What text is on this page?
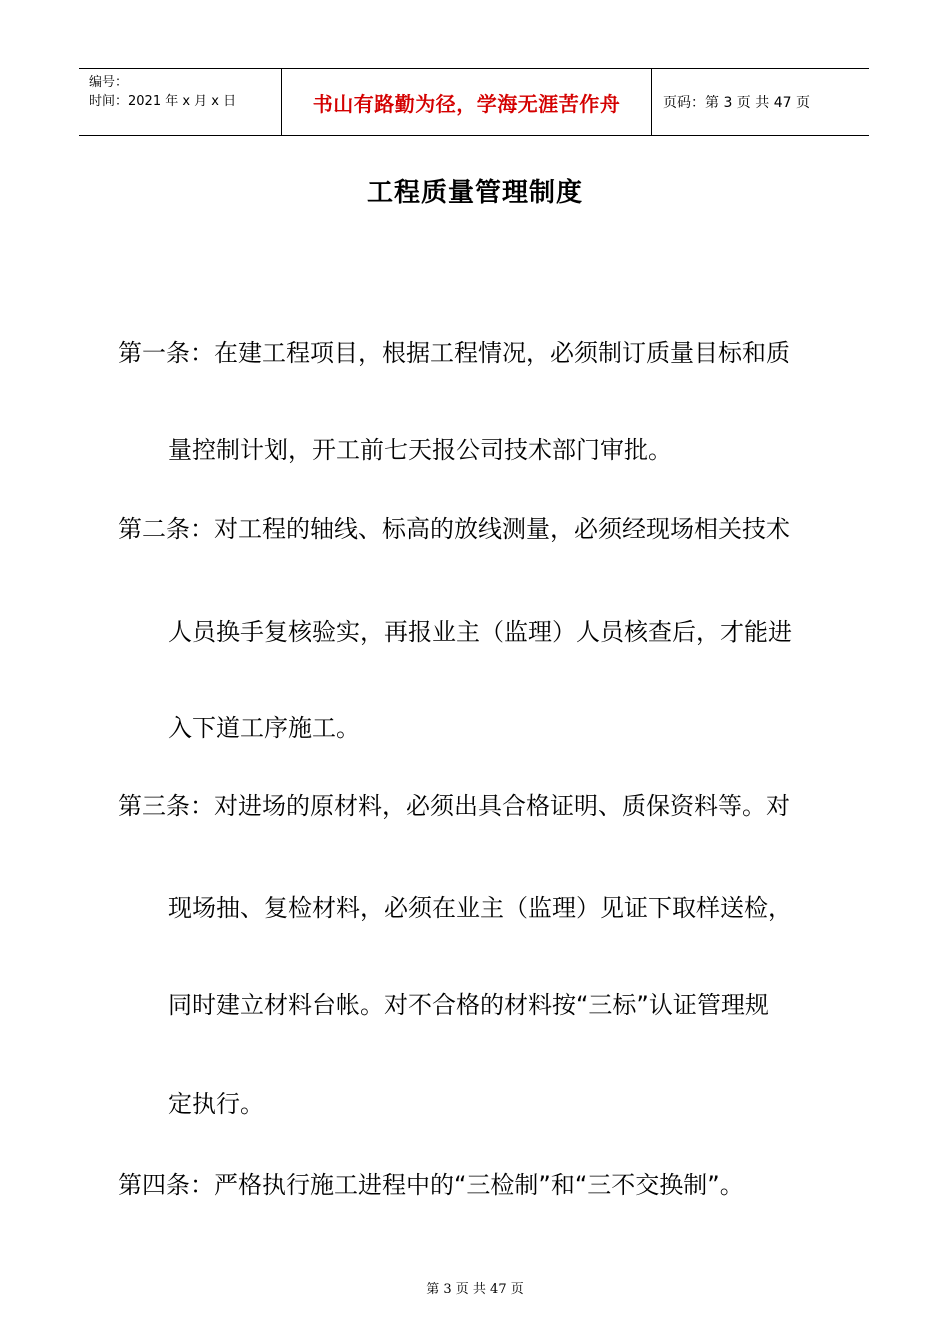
编号：
时间：2021 年 x 月 x 日	书山有路勤为径，学海无涯苦作舟	页码：第 3 页 共 47 页
工程质量管理制度
第一条：在建工程项目，根据工程情况，必须制订质量目标和质
量控制计划，开工前七天报公司技术部门审批。
第二条：对工程的轴线、标高的放线测量，必须经现场相关技术
人员换手复核验实，再报业主（监理）人员核查后，才能进
入下道工序施工。
第三条：对进场的原材料，必须出具合格证明、质保资料等。对
现场抽、复检材料，必须在业主（监理）见证下取样送检，
同时建立材料台帐。对不合格的材料按“三标”认证管理规
定执行。
第四条：严格执行施工进程中的“三检制”和“三不交换制”。
第 3 页 共 47 页
